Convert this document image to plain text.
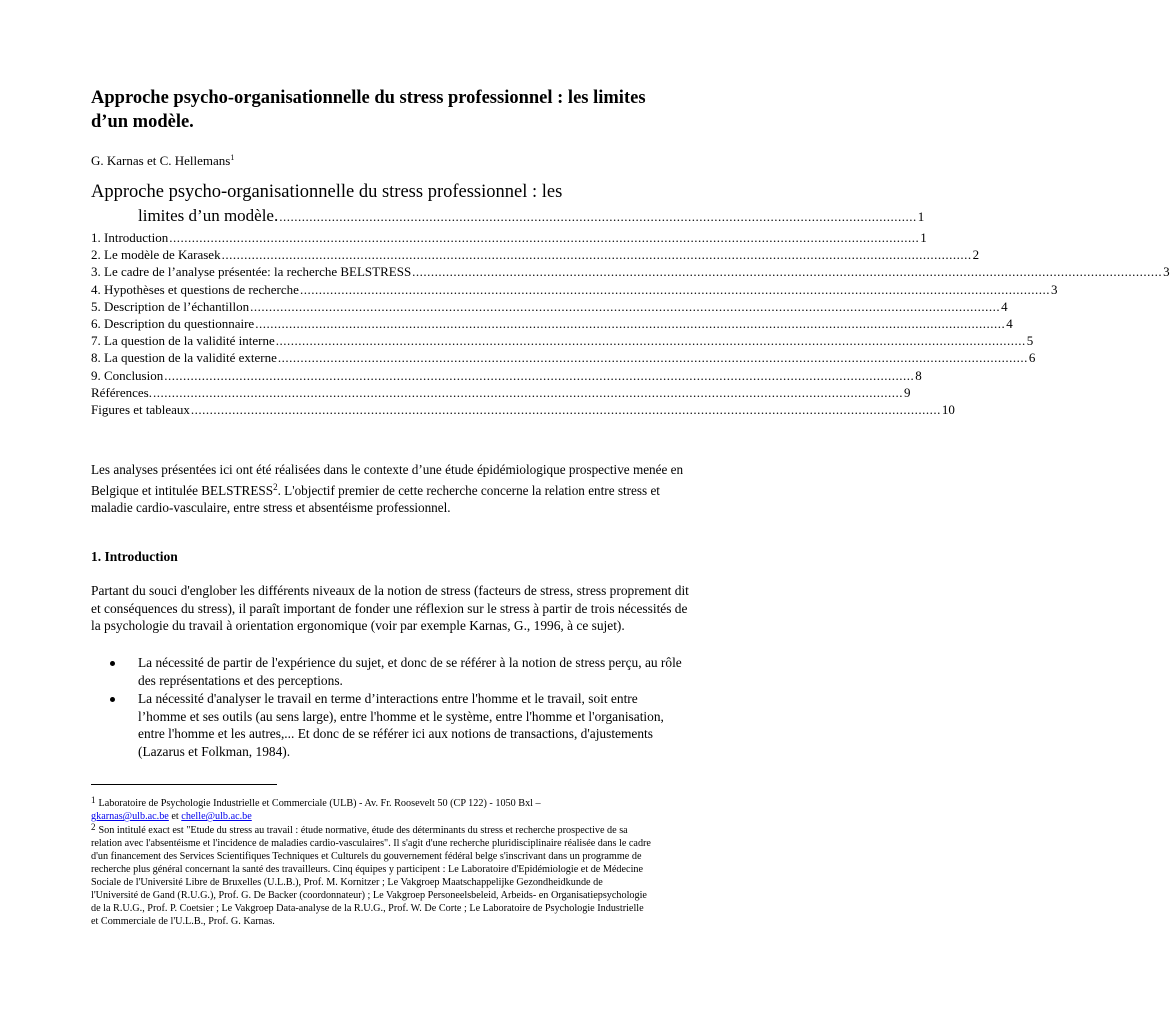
Approche psycho-organisationnelle du stress professionnel : les limites d’un modèle.
G. Karnas et C. Hellemans$^1$
Approche psycho-organisationnelle du stress professionnel : les
limites d’un modèle. .......................................................................................................................................................................... 1
1. Introduction ........................................................................................................................................................................................................ 1
2. Le modèle de Karasek ........................................................................................................................................................................................................ 2
3. Le cadre de l’analyse présentée: la recherche BELSTRESS ........................................................................................................................................................................................................ 3
4. Hypothèses et questions de recherche ........................................................................................................................................................................................................ 3
5. Description de l’échantillon ........................................................................................................................................................................................................ 4
6. Description du questionnaire ........................................................................................................................................................................................................ 4
7. La question de la validité interne ........................................................................................................................................................................................................ 5
8. La question de la validité externe ........................................................................................................................................................................................................ 6
9. Conclusion ........................................................................................................................................................................................................ 8
Références. ........................................................................................................................................................................................................ 9
Figures et tableaux ........................................................................................................................................................................................................ 10

Les analyses présentées ici ont été réalisées dans le contexte d’une étude épidémiologique prospective menée en Belgique et intitulée BELSTRESS$^2$. L'objectif premier de cette recherche concerne la relation entre stress et maladie cardio-vasculaire, entre stress et absentéisme professionnel.

1. Introduction

Partant du souci d'englober les différents niveaux de la notion de stress (facteurs de stress, stress proprement dit et conséquences du stress), il paraît important de fonder une réflexion sur le stress à partir de trois nécessités de la psychologie du travail à orientation ergonomique (voir par exemple Karnas, G., 1996, à ce sujet).

La nécessité de partir de l'expérience du sujet, et donc de se référer à la notion de stress perçu, au rôle des représentations et des perceptions.
La nécessité d'analyser le travail en terme d’interactions entre l'homme et le travail, soit entre l’homme et ses outils (au sens large), entre l'homme et le système, entre l'homme et l'organisation, entre l'homme et les autres,... Et donc de se référer ici aux notions de transactions, d'ajustements (Lazarus et Folkman, 1984).

$^1$ Laboratoire de Psychologie Industrielle et Commerciale (ULB) - Av. Fr. Roosevelt 50 (CP 122) - 1050 Bxl –
gkarnas@ulb.ac.be et chelle@ulb.ac.be

$^2$ Son intitulé exact est "Etude du stress au travail : étude normative, étude des déterminants du stress et recherche prospective de sa relation avec l'absentéisme et l'incidence de maladies cardio-vasculaires". Il s'agit d'une recherche pluridisciplinaire réalisée dans le cadre d'un financement des Services Scientifiques Techniques et Culturels du gouvernement fédéral belge s'inscrivant dans un programme de recherche plus général concernant la santé des travailleurs. Cinq équipes y participent : Le Laboratoire d'Epidémiologie et de Médecine Sociale de l'Université Libre de Bruxelles (U.L.B.), Prof. M. Kornitzer ; Le Vakgroep Maatschappelijke Gezondheidkunde de l'Université de Gand (R.U.G.), Prof. G. De Backer (coordonnateur) ; Le Vakgroep Personeelsbeleid, Arbeids- en Organisatiepsychologie de la R.U.G., Prof. P. Coetsier ; Le Vakgroep Data-analyse de la R.U.G., Prof. W. De Corte ; Le Laboratoire de Psychologie Industrielle et Commerciale de l'U.L.B., Prof. G. Karnas.
